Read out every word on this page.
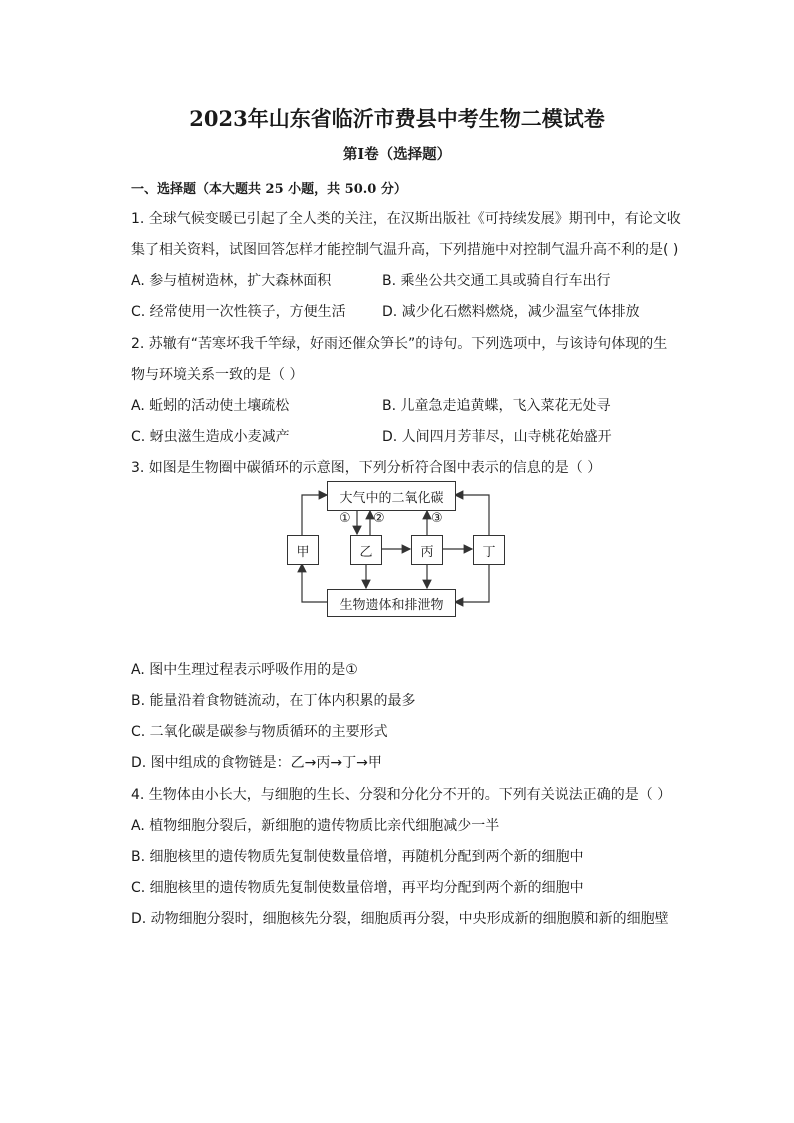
2023年山东省临沂市费县中考生物二模试卷
第I卷（选择题）
一、选择题（本大题共 25 小题，共 50.0 分）
1. 全球气候变暖已引起了全人类的关注，在汉斯出版社《可持续发展》期刊中，有论文收
集了相关资料，试图回答怎样才能控制气温升高，下列措施中对控制气温升高不利的是( )
A. 参与植树造林，扩大森林面积	B. 乘坐公共交通工具或骑自行车出行
C. 经常使用一次性筷子，方便生活	D. 减少化石燃料燃烧，减少温室气体排放
2. 苏辙有“苦寒坏我千竿绿，好雨还催众笋长”的诗句。下列选项中，与该诗句体现的生
物与环境关系一致的是（ ）
A. 蚯蚓的活动使土壤疏松	B. 儿童急走追黄蝶，飞入菜花无处寻
C. 蚜虫滋生造成小麦减产	D. 人间四月芳菲尽，山寺桃花始盛开
3. 如图是生物圈中碳循环的示意图，下列分析符合图中表示的信息的是（ ）
大气中的二氧化碳
甲	乙	丙	丁
生物遗体和排泄物
① ②	③
A. 图中生理过程表示呼吸作用的是①
B. 能量沿着食物链流动，在丁体内积累的最多
C. 二氧化碳是碳参与物质循环的主要形式
D. 图中组成的食物链是：乙→丙→丁→甲
4. 生物体由小长大，与细胞的生长、分裂和分化分不开的。下列有关说法正确的是（ ）
A. 植物细胞分裂后，新细胞的遗传物质比亲代细胞减少一半
B. 细胞核里的遗传物质先复制使数量倍增，再随机分配到两个新的细胞中
C. 细胞核里的遗传物质先复制使数量倍增，再平均分配到两个新的细胞中
D. 动物细胞分裂时，细胞核先分裂，细胞质再分裂，中央形成新的细胞膜和新的细胞壁
